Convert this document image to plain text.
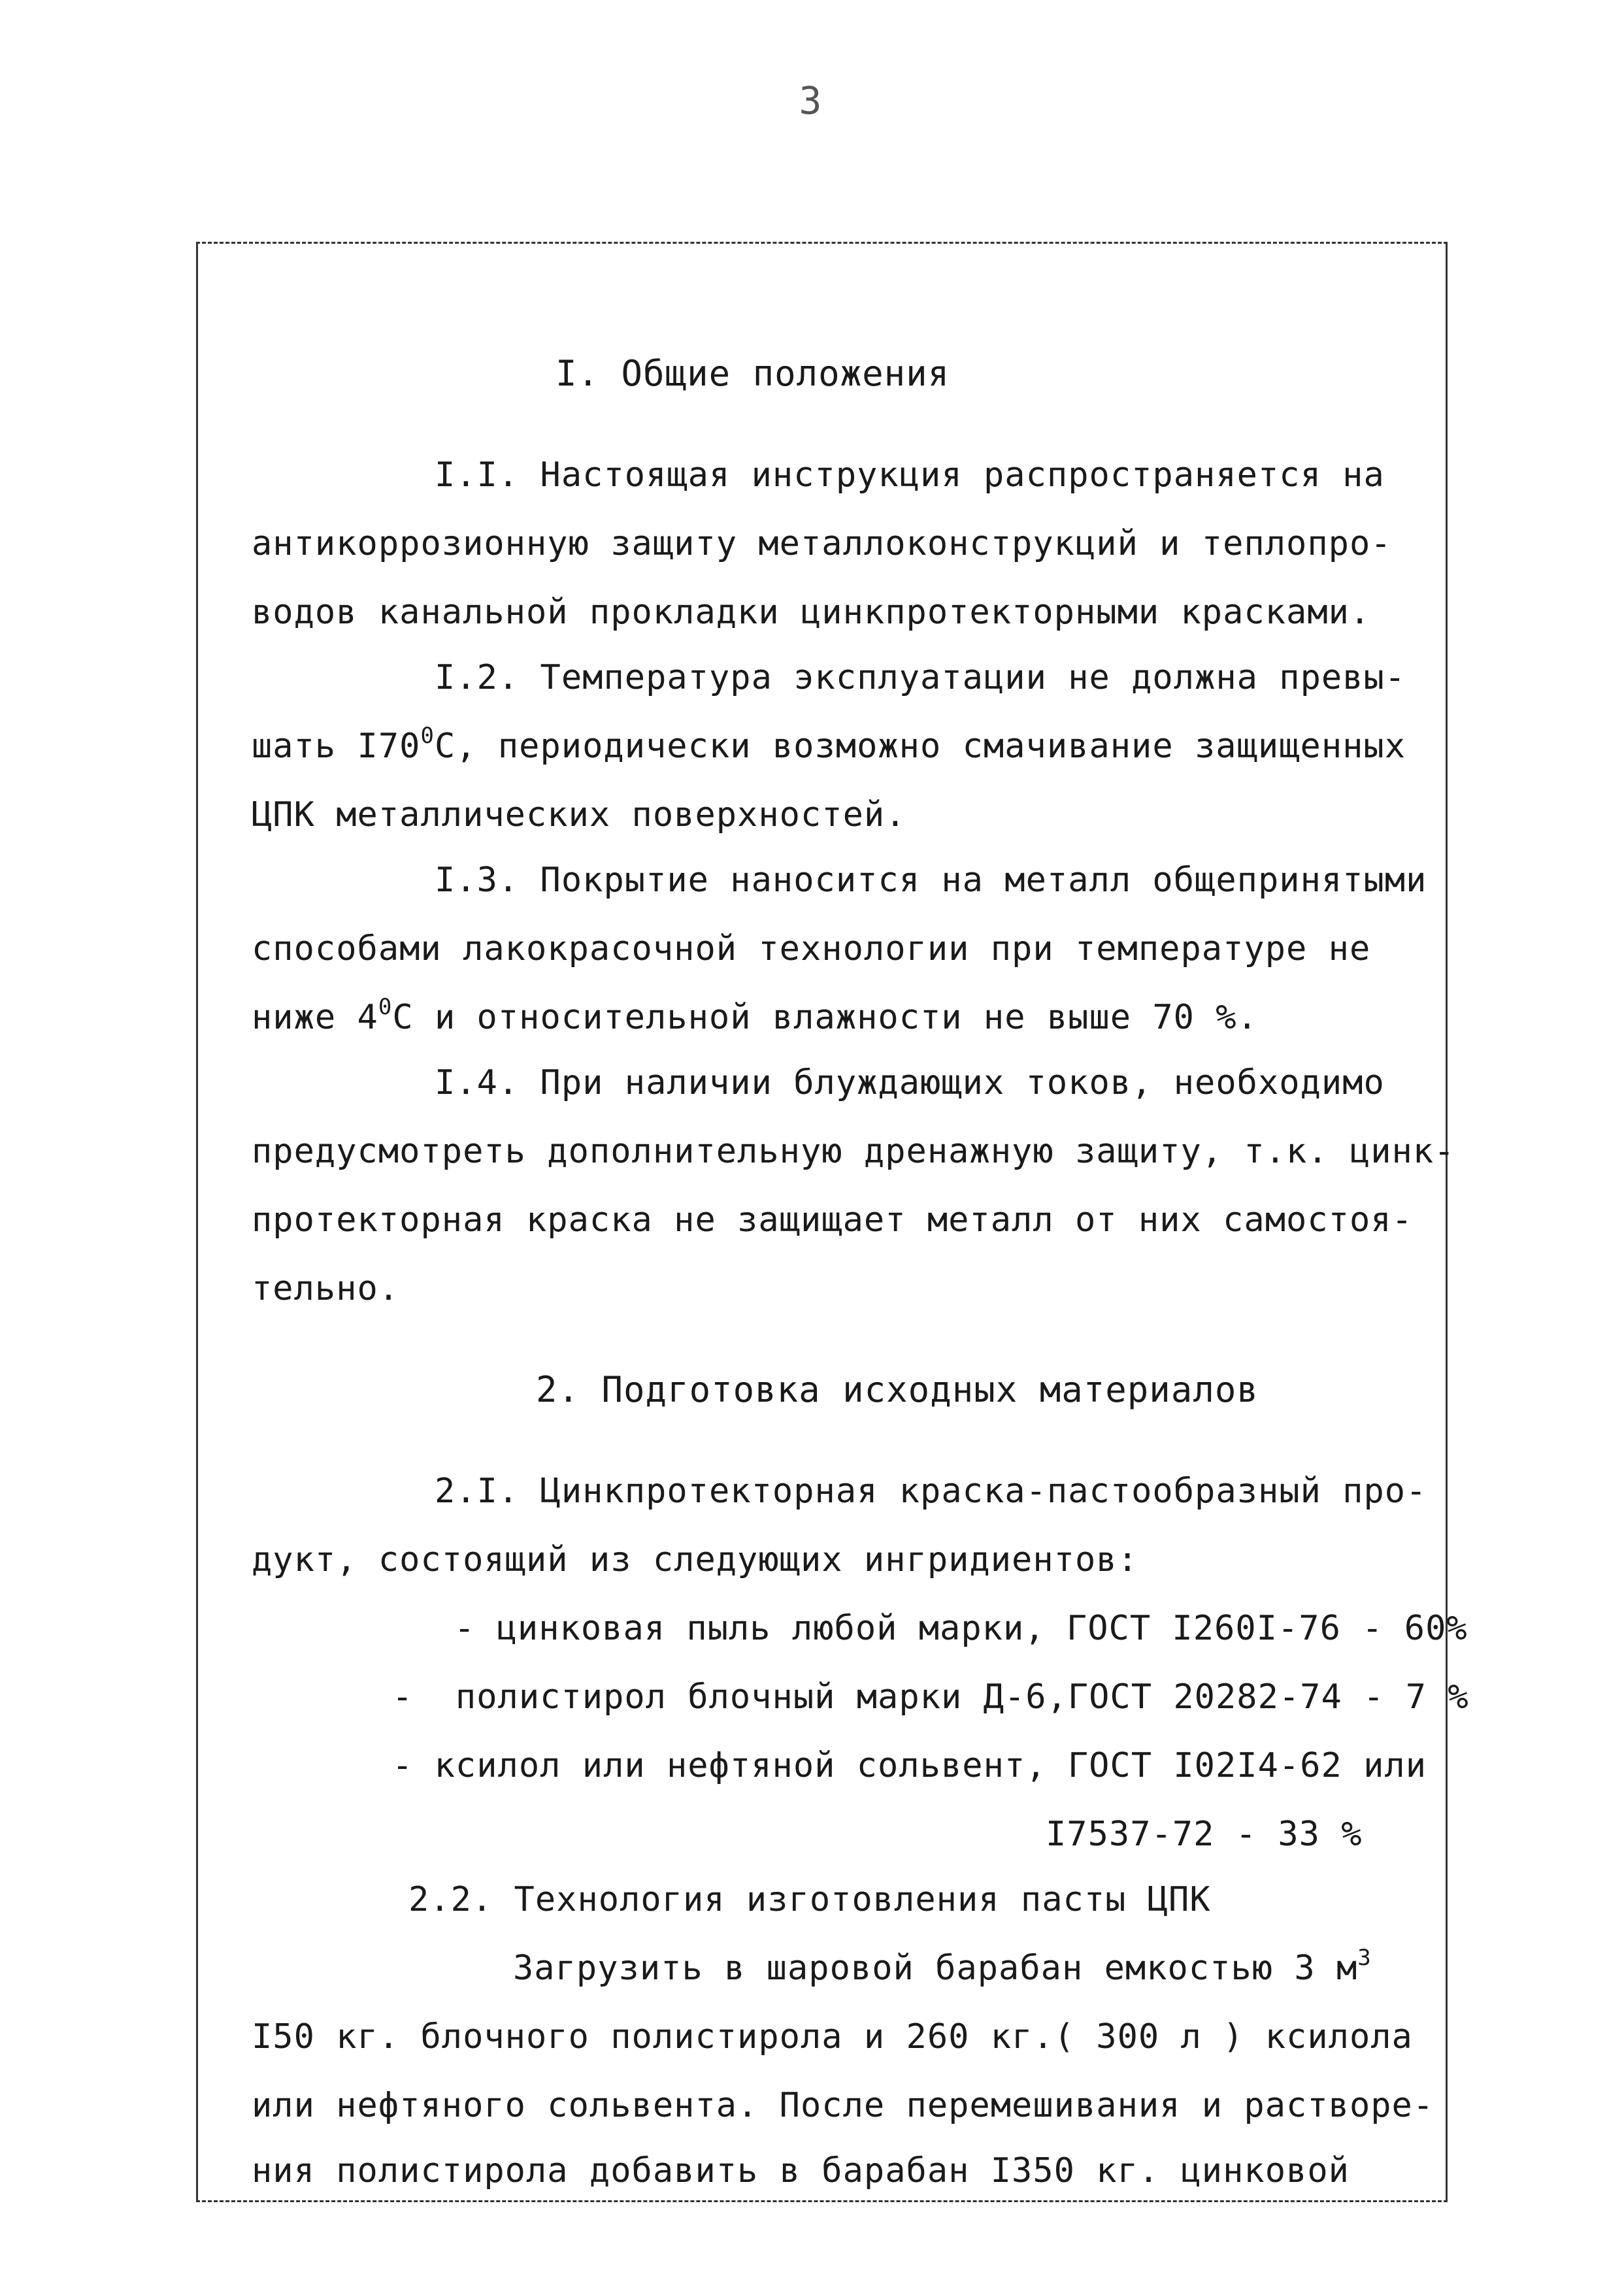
3
I. Общие положения
I.I. Настоящая инструкция распространяется на
антикоррозионную защиту металлоконструкций и теплопро-
водов канальной прокладки цинкпротекторными красками.
I.2. Температура эксплуатации не должна превы-
шать $I70^0С$, периодически возможно смачивание защищенных
ЦПК металлических поверхностей.
I.3. Покрытие наносится на металл общепринятыми
способами лакокрасочной технологии при температуре не
ниже $4^0С$ и относительной влажности не выше 70 %.
I.4. При наличии блуждающих токов, необходимо
предусмотреть дополнительную дренажную защиту, т.к. цинк-
протекторная краска не защищает металл от них самостоя-
тельно.
2. Подготовка исходных материалов
2.I. Цинкпротекторная краска-пастообразный про-
дукт, состоящий из следующих ингридиентов:
- цинковая пыль любой марки, ГОСТ I260I-76 - 60%
-  полистирол блочный марки Д-6,ГОСТ 20282-74 - 7 %
- ксилол или нефтяной сольвент, ГОСТ I02I4-62 или
I7537-72 - 33 %
2.2. Технология изготовления пасты ЦПК
Загрузить в шаровой барабан емкостью 3 $м^3$
I50 кг. блочного полистирола и 260 кг.( 300 л ) ксилола
или нефтяного сольвента. После перемешивания и растворе-
ния полистирола добавить в барабан I350 кг. цинковой
